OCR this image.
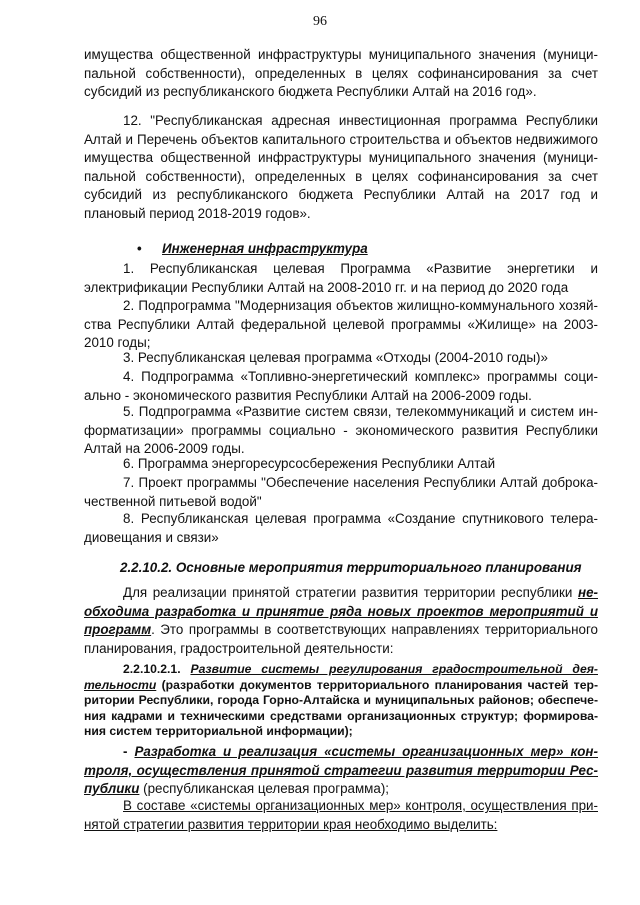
96

имущества общественной инфраструктуры муниципального значения (муниципальной собственности), определенных в целях софинансирования за счет субсидий из республиканского бюджета Республики Алтай на 2016 год».

12. "Республиканская адресная инвестиционная программа Республики Алтай и Перечень объектов капитального строительства и объектов недвижимого имущества общественной инфраструктуры муниципального значения (муниципальной собственности), определенных в целях софинансирования за счет субсидий из республиканского бюджета Республики Алтай на 2017 год и плановый период 2018-2019 годов».

• Инженерная инфраструктура

1. Республиканская целевая Программа «Развитие энергетики и электрификации Республики Алтай на 2008-2010 гг. и на период до 2020 года

2. Подпрограмма "Модернизация объектов жилищно-коммунального хозяйства Республики Алтай федеральной целевой программы «Жилище» на 2003-2010 годы;

3. Республиканская целевая программа «Отходы (2004-2010 годы)»

4. Подпрограмма «Топливно-энергетический комплекс» программы социально - экономического развития Республики Алтай на 2006-2009 годы.

5. Подпрограмма «Развитие систем связи, телекоммуникаций и систем информатизации» программы социально - экономического развития Республики Алтай на 2006-2009 годы.

6. Программа энергоресурсосбережения Республики Алтай

7. Проект программы "Обеспечение населения Республики Алтай доброкачественной питьевой водой"

8. Республиканская целевая программа «Создание спутникового телерадиовещания и связи»

2.2.10.2. Основные мероприятия территориального планирования

Для реализации принятой стратегии развития территории республики необходима разработка и принятие ряда новых проектов мероприятий и программ. Это программы в соответствующих направлениях территориального планирования, градостроительной деятельности:

2.2.10.2.1. Развитие системы регулирования градостроительной деятельности (разработки документов территориального планирования частей территории Республики, города Горно-Алтайска и муниципальных районов; обеспечения кадрами и техническими средствами организационных структур; формирования систем территориальной информации);

- Разработка и реализация «системы организационных мер» контроля, осуществления принятой стратегии развития территории Республики (республиканская целевая программа);

В составе «системы организационных мер» контроля, осуществления принятой стратегии развития территории края необходимо выделить:
